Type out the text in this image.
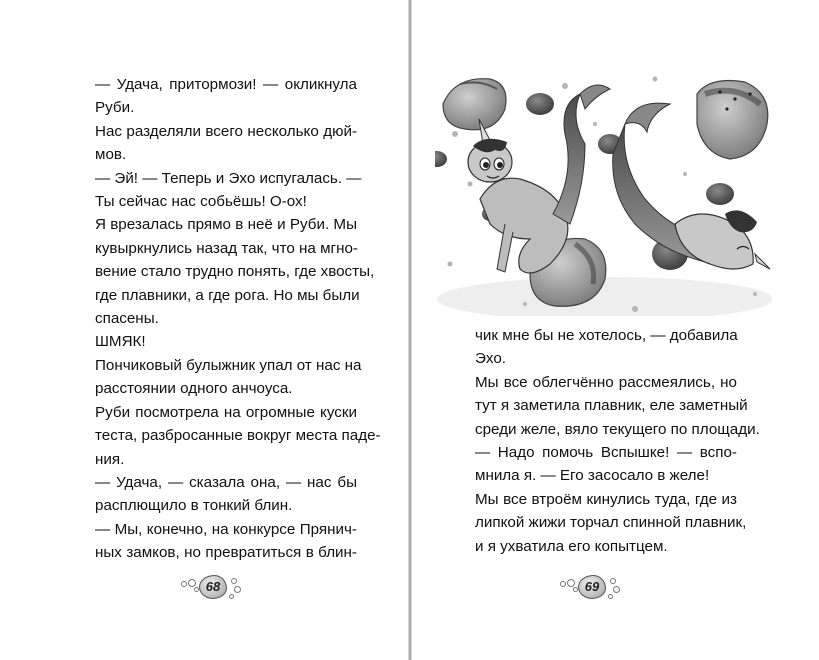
— Удача, притормози! — окликнула
Руби.
Нас разделяли всего несколько дюй-
мов.
— Эй! — Теперь и Эхо испугалась. —
Ты сейчас нас собьёшь! О-ох!
Я врезалась прямо в неё и Руби. Мы
кувыркнулись назад так, что на мгно-
вение стало трудно понять, где хвосты,
где плавники, а где рога. Но мы были
спасены.
ШМЯК!
Пончиковый булыжник упал от нас на
расстоянии одного анчоуса.
Руби посмотрела на огромные куски
теста, разбросанные вокруг места паде-
ния.
— Удача, — сказала она, — нас бы
расплющило в тонкий блин.
— Мы, конечно, на конкурсе Прянич-
ных замков, но превратиться в блин-
68
чик мне бы не хотелось, — добавила
Эхо.
Мы все облегчённо рассмеялись, но
тут я заметила плавник, еле заметный
среди желе, вяло текущего по площади.
— Надо помочь Вспышке! — вспо-
мнила я. — Его засосало в желе!
Мы все втроём кинулись туда, где из
липкой жижи торчал спинной плавник,
и я ухватила его копытцем.
69
